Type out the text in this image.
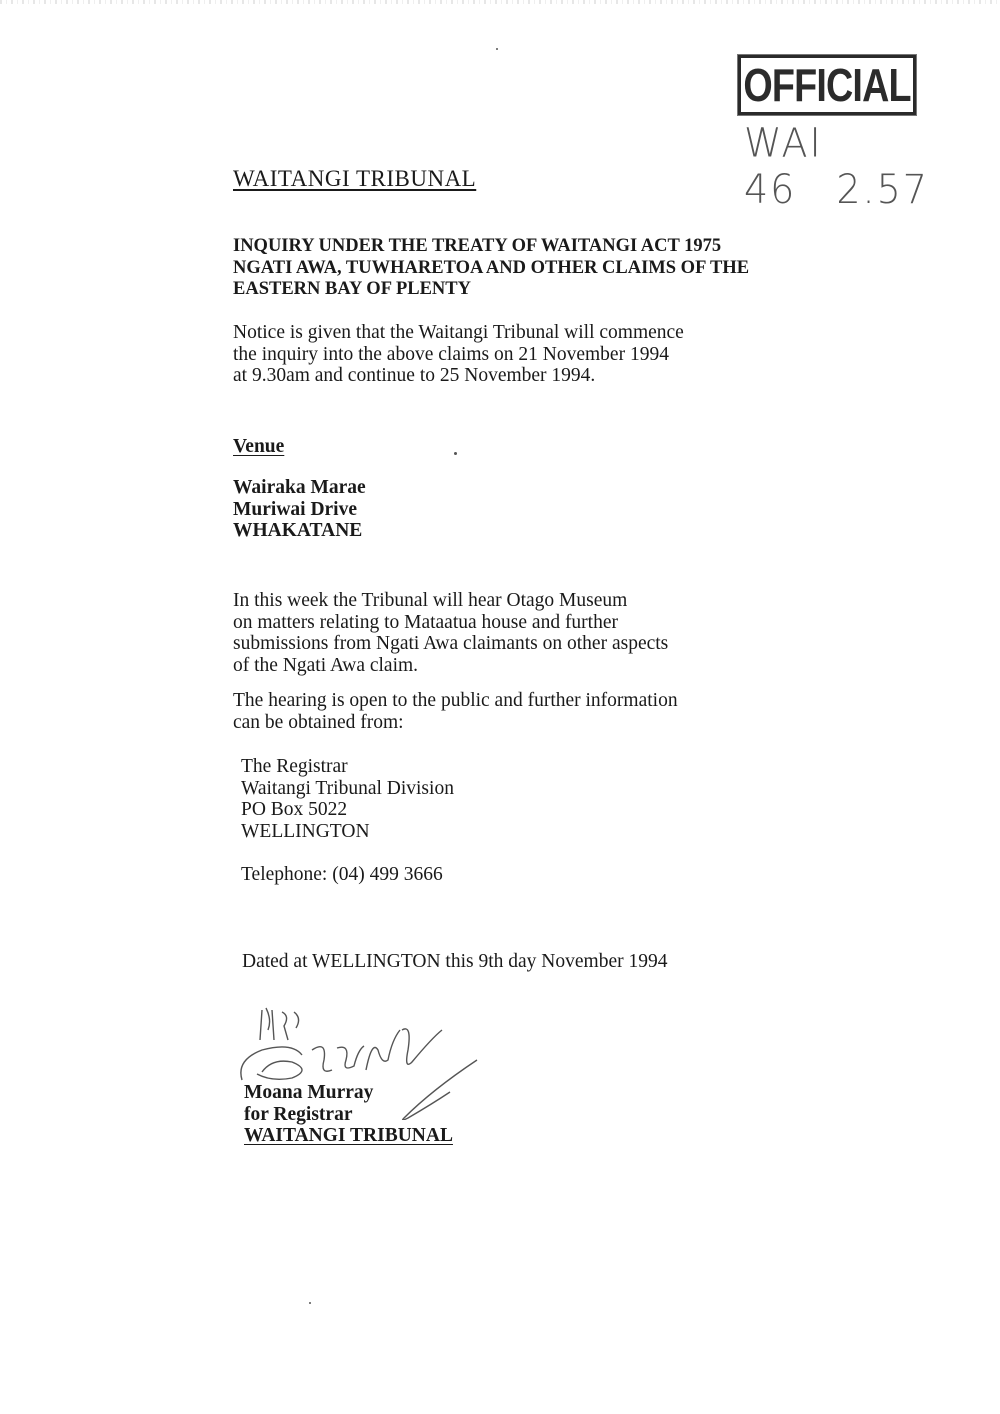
OFFICIAL
WAI 46 2.57
WAITANGI TRIBUNAL
INQUIRY UNDER THE TREATY OF WAITANGI ACT 1975
NGATI AWA, TUWHARETOA AND OTHER CLAIMS OF THE
EASTERN BAY OF PLENTY
Notice is given that the Waitangi Tribunal will commence
the inquiry into the above claims on 21 November 1994
at 9.30am and continue to 25 November 1994.
Venue
Wairaka Marae
Muriwai Drive
WHAKATANE
In this week the Tribunal will hear Otago Museum
on matters relating to Mataatua house and further
submissions from Ngati Awa claimants on other aspects
of the Ngati Awa claim.
The hearing is open to the public and further information
can be obtained from:
The Registrar
Waitangi Tribunal Division
PO Box 5022
WELLINGTON
Telephone: (04) 499 3666
Dated at WELLINGTON this 9th day November 1994
Moana Murray
for Registrar
WAITANGI TRIBUNAL
